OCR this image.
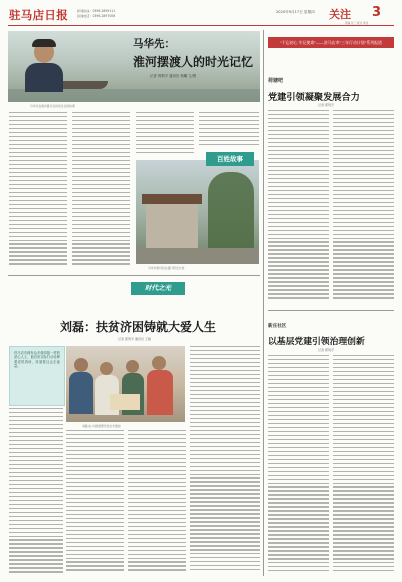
驻马店日报	新闻热线：0396-2899111
投递电话：0396-2897006
2020年9月17日 星期四 关注 3
责编 张三 版式 李四
马华先：
淮河摆渡人的时光记忆
记者 郭利平 通讯员 杨曦 文/图
马华先在淮河渡口边讲述过往的故事
百姓故事
马华先和村民在渡口附近交谈
"不忘初心 牢记使命"——驻马店市"三年行动计划"系列报道
荷塘吧
党建引领凝聚发展合力
记者 郭利平
新庄社区
以基层党建引领治理创新
记者 郭利平
时代之光
刘磊：扶贫济困铸就大爱人生
记者 郭利平 通讯员 王刚
驻马店市拥有众多像刘磊一样的爱心人士，他们用实际行动诠释着爱的真谛，传递着社会正能量。
刘磊(右)为困难群众送去米面油
